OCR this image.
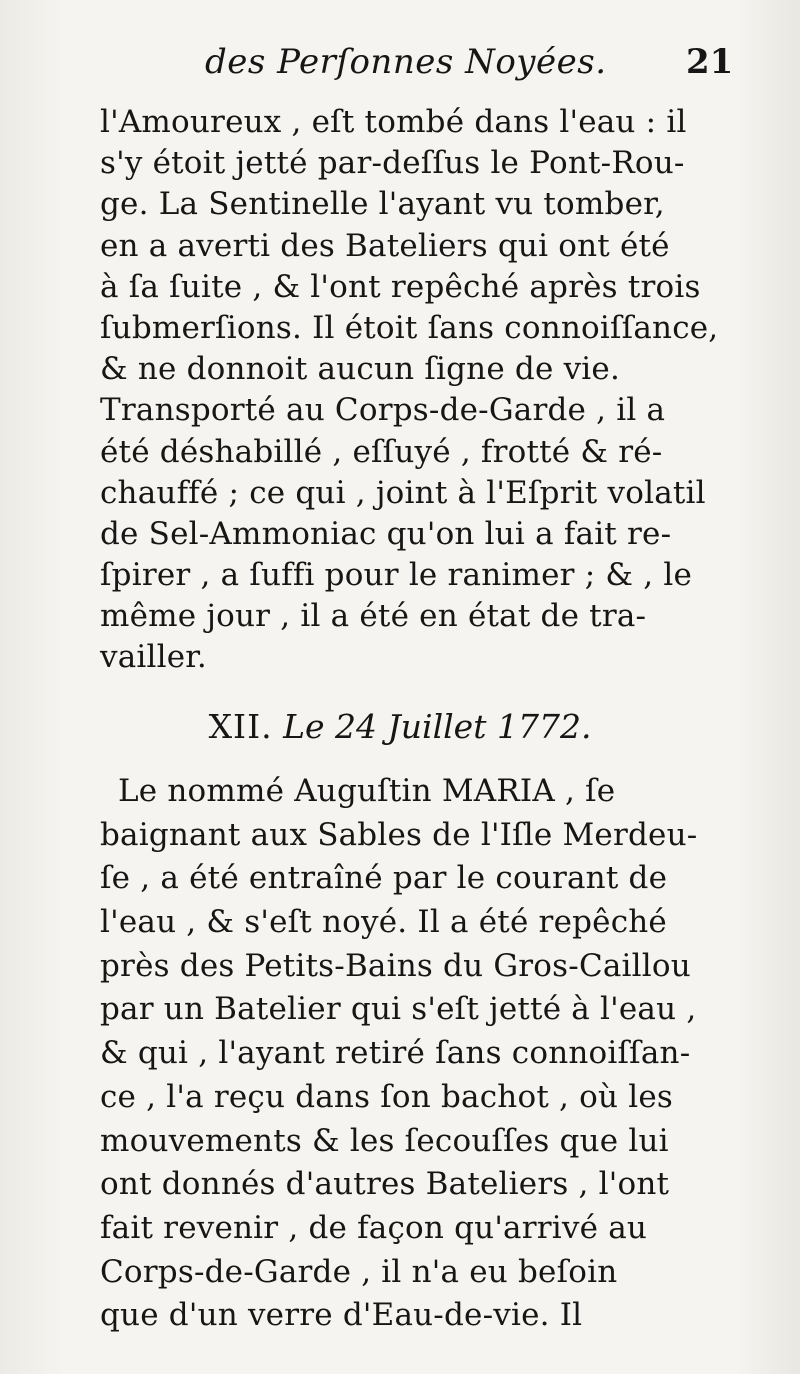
des Perſonnes Noyées. 21
l'Amoureux , eſt tombé dans l'eau : il
s'y étoit jetté par-deſſus le Pont-Rou-
ge. La Sentinelle l'ayant vu tomber,
en a averti des Bateliers qui ont été
à ſa ſuite , & l'ont repêché après trois
ſubmerſions. Il étoit ſans connoiſſance,
& ne donnoit aucun ſigne de vie.
Transporté au Corps-de-Garde , il a
été déshabillé , eſſuyé , frotté & ré-
chauffé ; ce qui , joint à l'Eſprit volatil
de Sel-Ammoniac qu'on lui a fait re-
ſpirer , a ſuffi pour le ranimer ; & , le
même jour , il a été en état de tra-
vailler.
XII. Le 24 Juillet 1772.
Le nommé Auguſtin MARIA , ſe
baignant aux Sables de l'Iſle Merdeu-
ſe , a été entraîné par le courant de
l'eau , & s'eſt noyé. Il a été repêché
près des Petits-Bains du Gros-Caillou
par un Batelier qui s'eſt jetté à l'eau ,
& qui , l'ayant retiré ſans connoiſſan-
ce , l'a reçu dans ſon bachot , où les
mouvements & les ſecouſſes que lui
ont donnés d'autres Bateliers , l'ont
fait revenir , de façon qu'arrivé au
Corps-de-Garde , il n'a eu beſoin
que d'un verre d'Eau-de-vie. Il
